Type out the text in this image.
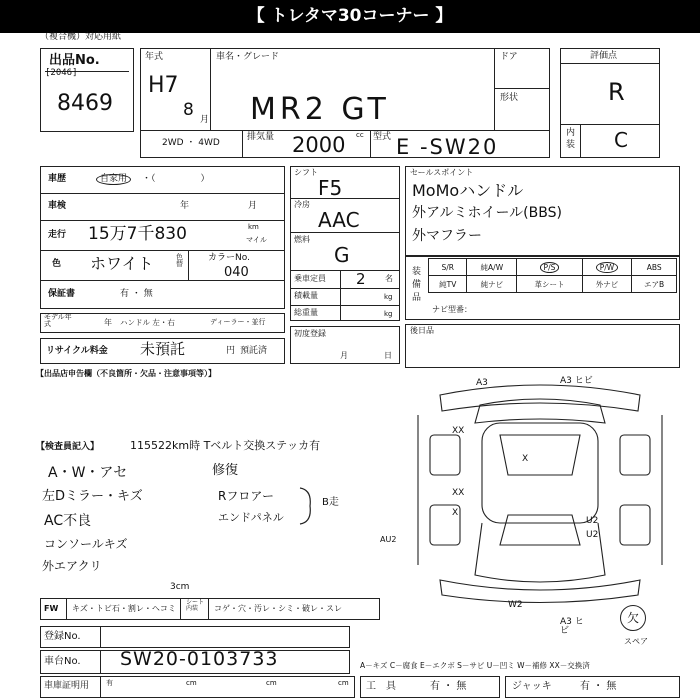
【 トレタマ30コーナー 】
（複合機）対応用紙
出品No.
[2046]
8469
年式
H7
8 月
車名・グレード
MR2 GT
ドア
形状
2WD ・ 4WD
排気量 2000 cc 型式 E -SW20
評価点
R
内装 C
車歴	自家用	・（　　　　　）
車検	年	月
走行 15万7千830	km
マイル
色 ホワイト	色替
カラーNo.
040
保証書	有 ・ 無
モデル年式	年 ハンドル 左・右	ディーラー・並行
リサイクル料金 未預託	円 預託済
シフト
F5
冷房
AAC
燃料
G
乗車定員 2 名
積載量	kg
総重量	kg
初度登録
月	日
セールスポイント
MoMoハンドル
外アルミホイール(BBS)
外マフラー
装備品
S/R	純A/W	P/S	P/W	ABS
純TV	純ナビ	革シート	外ナビ	エアB
ナビ型番：
後日品
【出品店申告欄（不良箇所・欠品・注意事項等）】
【検査員記入】	115522km時 Tベルト交換ステッカ有
A・W・アセ
左Dミラー・キズ
AC不良
コンソールキズ
外エアクリ
修復
Rフロアー
エンドパネル
B走
A3	A3 ヒビ
XX
X
XX
X
U2
U2
W2
AU2
A3 ヒビ
欠
スペア
FW キズ・トビ石・割レ・ヘコミ
3cm
シート内装	コゲ・穴・汚レ・シミ・破レ・スレ
登録No.
車台No. SW20-0103733	A－キズ C－腐食 E－エクボ S－サビ U－凹ミ W－補修 XX－交換済
車庫証明用 有	cm	cm	cm 工　具	有 ・ 無	ジャッキ	有 ・ 無
